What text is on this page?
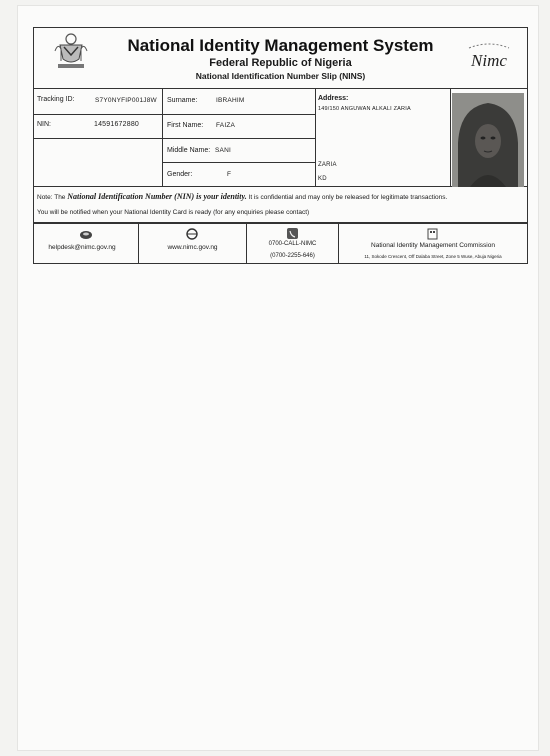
National Identity Management System
Federal Republic of Nigeria
National Identification Number Slip (NINS)
Nimc
Tracking ID:	S7Y0NYFIP001J8W
NIN:	14591672880
Surname:	IBRAHIM
First Name: FAIZA
Middle Name: SANI
Gender:	F
Address:
149/150 ANGUWAN ALKALI ZARIA
ZARIA
KD
Note: The National Identification Number (NIN) is your identity. It is confidential and may only be released for legitimate transactions.
You will be notified when your National Identity Card is ready (for any enquiries please contact)
helpdesk@nimc.gov.ng	www.nimc.gov.ng	0700-CALL-NIMC
(0700-2255-646)
National Identity Management Commission
11, Sokode Crescent, Off Dalaba Street, Zone 5 Wuse, Abuja Nigeria
